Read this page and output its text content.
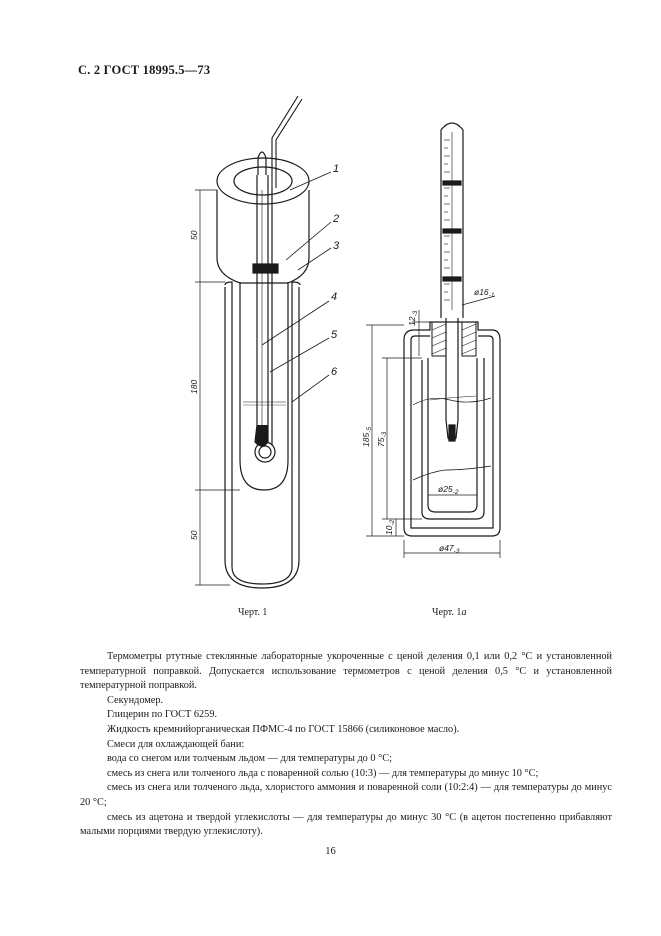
С. 2 ГОСТ 18995.5—73
1
2
3
4
5
6
50
180
50
$ø16_{-1}$
$12_{-3}$
$185_{-5}$
$75_{-3}$
$ø25_{-2}$
$10_{-2}$
$ø47_{-3}$
Черт. 1	Черт. 1а

Термометры ртутные стеклянные лабораторные укороченные с ценой деления 0,1 или 0,2 °С и установленной температурной поправкой. Допускается использование термометров с ценой деления 0,5 °С и установленной температурной поправкой.

Секундомер.

Глицерин по ГОСТ 6259.

Жидкость кремнийорганическая ПФМС-4 по ГОСТ 15866 (силиконовое масло).

Смеси для охлаждающей бани:

вода со снегом или толченым льдом — для температуры до 0 °С;

смесь из снега или толченого льда с поваренной солью (10:3) — для температуры до минус 10 °С;

смесь из снега или толченого льда, хлористого аммония и поваренной соли (10:2:4) — для температуры до минус 20 °С;

смесь из ацетона и твердой углекислоты — для температуры до минус 30 °С (в ацетон постепенно прибавляют малыми порциями твердую углекислоту).

16
